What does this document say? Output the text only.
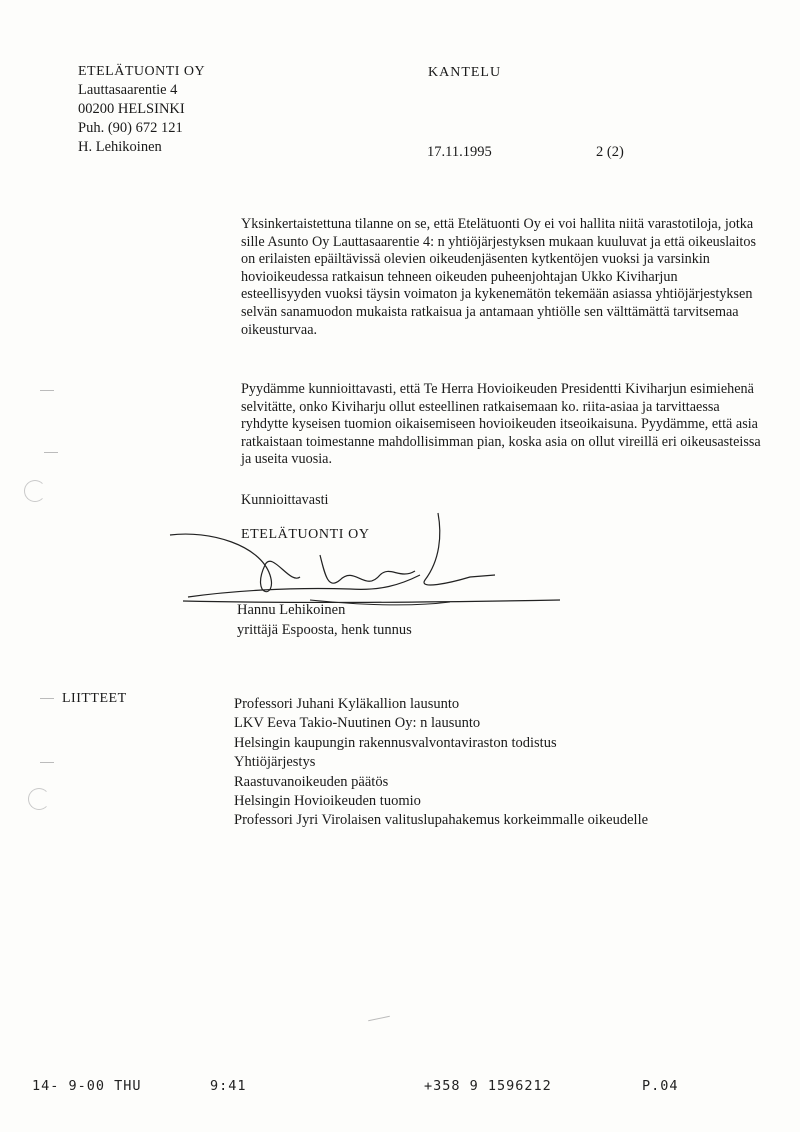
ETELÄTUONTI OY
Lauttasaarentie 4
00200 HELSINKI
Puh. (90) 672 121
H. Lehikoinen
KANTELU
17.11.1995	2 (2)
Yksinkertaistettuna tilanne on se, että Etelätuonti Oy ei voi hallita niitä varastotiloja, jotka sille Asunto Oy Lauttasaarentie 4: n yhtiöjärjestyksen mukaan kuuluvat ja että oikeuslaitos on erilaisten epäiltävissä olevien oikeudenjäsenten kytkentöjen vuoksi ja varsinkin hovioikeudessa ratkaisun tehneen oikeuden puheenjohtajan Ukko Kiviharjun esteellisyyden vuoksi täysin voimaton ja kykenemätön tekemään asiassa yhtiöjärjestyksen selvän sanamuodon mukaista ratkaisua ja antamaan yhtiölle sen välttämättä tarvitsemaa oikeusturvaa.
Pyydämme kunnioittavasti, että Te Herra Hovioikeuden Presidentti Kiviharjun esimiehenä selvitätte, onko Kiviharju ollut esteellinen ratkaisemaan ko. riita-asiaa ja tarvittaessa ryhdytte kyseisen tuomion oikaisemiseen hovioikeuden itseoikaisuna. Pyydämme, että asia ratkaistaan toimestanne mahdollisimman pian, koska asia on ollut vireillä eri oikeusasteissa ja useita vuosia.
Kunnioittavasti
ETELÄTUONTI OY
Hannu Lehikoinen
yrittäjä Espoosta, henk tunnus
LIITTEET	Professori Juhani Kyläkallion lausunto
LKV Eeva Takio-Nuutinen Oy: n lausunto
Helsingin kaupungin rakennusvalvontaviraston todistus
Yhtiöjärjestys
Raastuvanoikeuden päätös
Helsingin Hovioikeuden tuomio
Professori Jyri Virolaisen valituslupahakemus korkeimmalle oikeudelle
14- 9-00 THU	9:41	+358 9 1596212	P.04
